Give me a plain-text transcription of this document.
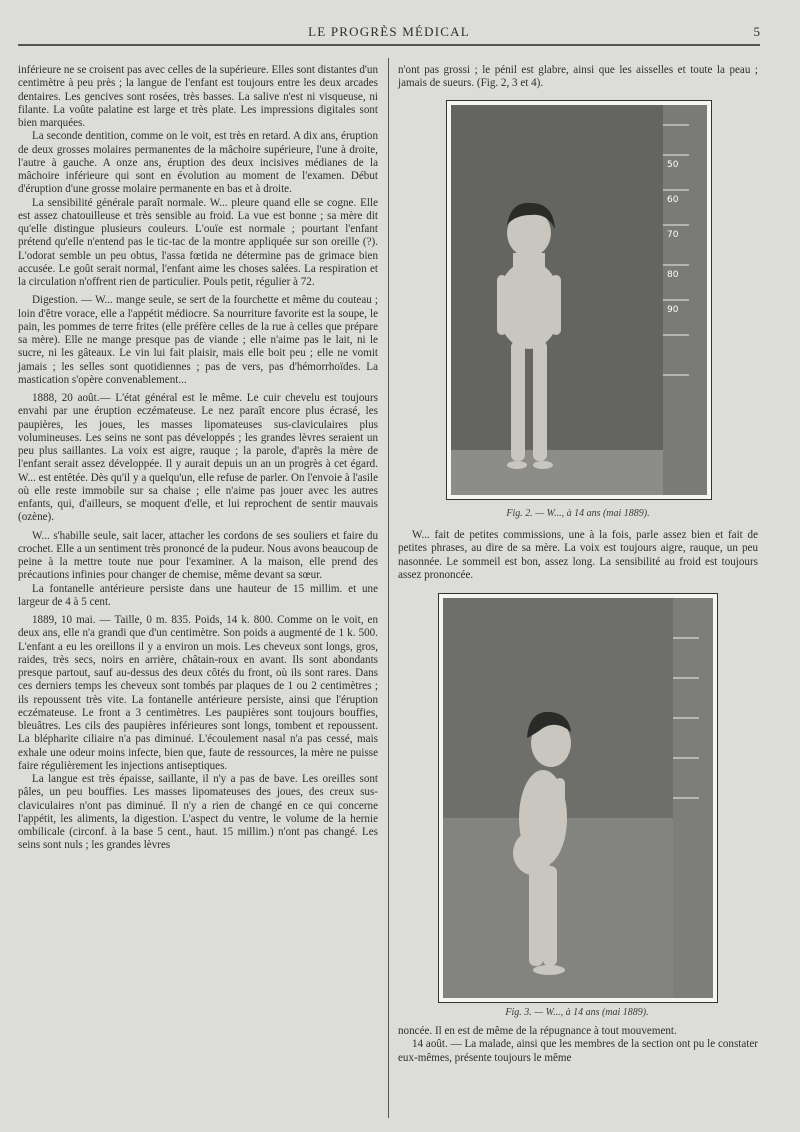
LE PROGRÈS MÉDICAL	5

inférieure ne se croisent pas avec celles de la supérieure. Elles sont distantes d'un centimètre à peu près ; la langue de l'enfant est toujours entre les deux arcades dentaires. Les gencives sont rosées, très basses. La salive n'est ni visqueuse, ni filante. La voûte palatine est large et très plate. Les impressions digitales sont bien marquées.

La seconde dentition, comme on le voit, est très en retard. A dix ans, éruption de deux grosses molaires permanentes de la mâchoire supérieure, l'une à droite, l'autre à gauche. A onze ans, éruption des deux incisives médianes de la mâchoire inférieure qui sont en évolution au moment de l'examen. Début d'éruption d'une grosse molaire permanente en bas et à droite.

La sensibilité générale paraît normale. W... pleure quand elle se cogne. Elle est assez chatouilleuse et très sensible au froid. La vue est bonne ; sa mère dit qu'elle distingue plusieurs couleurs. L'ouïe est normale ; pourtant l'enfant prétend qu'elle n'entend pas le tic-tac de la montre appliquée sur son oreille (?). L'odorat semble un peu obtus, l'assa fœtida ne détermine pas de grimace bien accusée. Le goût serait normal, l'enfant aime les choses salées. La respiration et la circulation n'offrent rien de particulier. Pouls petit, régulier à 72.

Digestion. — W... mange seule, se sert de la fourchette et même du couteau ; loin d'être vorace, elle a l'appétit médiocre. Sa nourriture favorite est la soupe, le pain, les pommes de terre frites (elle préfère celles de la rue à celles que prépare sa mère). Elle ne mange presque pas de viande ; elle n'aime pas le lait, ni le sucre, ni les gâteaux. Le vin lui fait plaisir, mais elle boit peu ; elle ne vomit jamais ; les selles sont quotidiennes ; pas de vers, pas d'hémorrhoïdes. La mastication s'opère convenablement...

1888, 20 août.— L'état général est le même. Le cuir chevelu est toujours envahi par une éruption eczémateuse. Le nez paraît encore plus écrasé, les paupières, les joues, les masses lipomateuses sus-claviculaires plus volumineuses. Les seins ne sont pas développés ; les grandes lèvres seraient un peu plus saillantes. La voix est aigre, rauque ; la parole, d'après la mère de l'enfant serait assez développée. Il y aurait depuis un an un progrès à cet égard. W... est entêtée. Dès qu'il y a quelqu'un, elle refuse de parler. On l'envoie à l'asile où elle reste immobile sur sa chaise ; elle n'aime pas jouer avec les autres enfants, qui, d'ailleurs, se moquent d'elle, et lui reprochent de sentir mauvais (ozène).

W... s'habille seule, sait lacer, attacher les cordons de ses souliers et faire du crochet. Elle a un sentiment très prononcé de la pudeur. Nous avons beaucoup de peine à la mettre toute nue pour l'examiner. A la maison, elle prend des précautions infinies pour changer de chemise, même devant sa sœur.

La fontanelle antérieure persiste dans une hauteur de 15 millim. et une largeur de 4 à 5 cent.

1889, 10 mai. — Taille, 0 m. 835. Poids, 14 k. 800. Comme on le voit, en deux ans, elle n'a grandi que d'un centimètre. Son poids a augmenté de 1 k. 500. L'enfant a eu les oreillons il y a environ un mois. Les cheveux sont longs, gros, raides, très secs, noirs en arrière, châtain-roux en avant. Ils sont abondants presque partout, sauf au-dessus des deux côtés du front, où ils sont rares. Dans ces derniers temps les cheveux sont tombés par plaques de 1 ou 2 centimètres ; ils repoussent très vite. La fontanelle antérieure persiste, ainsi que l'éruption eczémateuse. Le front a 3 centimètres. Les paupières sont toujours bouffies, bleuâtres. Les cils des paupières inférieures sont longs, tombent et repoussent. La blépharite ciliaire n'a pas diminué. L'écoulement nasal n'a pas cessé, mais exhale une odeur moins infecte, bien que, faute de ressources, la mère ne puisse faire régulièrement les injections antiseptiques.

La langue est très épaisse, saillante, il n'y a pas de bave. Les oreilles sont pâles, un peu bouffies. Les masses lipomateuses des joues, des creux sus-claviculaires n'ont pas diminué. Il n'y a rien de changé en ce qui concerne l'appétit, les aliments, la digestion. L'aspect du ventre, le volume de la hernie ombilicale (circonf. à la base 5 cent., haut. 15 millim.) n'ont pas changé. Les seins sont nuls ; les grandes lèvres

n'ont pas grossi ; le pénil est glabre, ainsi que les aisselles et toute la peau ; jamais de sueurs. (Fig. 2, 3 et 4).

50
60
70
80
90
Fig. 2. — W..., à 14 ans (mai 1889).

W... fait de petites commissions, une à la fois, parle assez bien et fait de petites phrases, au dire de sa mère. La voix est toujours aigre, rauque, un peu nasonnée. Le sommeil est bon, assez long. La sensibilité au froid est toujours assez prononcée.

Fig. 3. — W..., à 14 ans (mai 1889).

noncée. Il en est de même de la répugnance à tout mouvement.

14 août. — La malade, ainsi que les membres de la section ont pu le constater eux-mêmes, présente toujours le même
